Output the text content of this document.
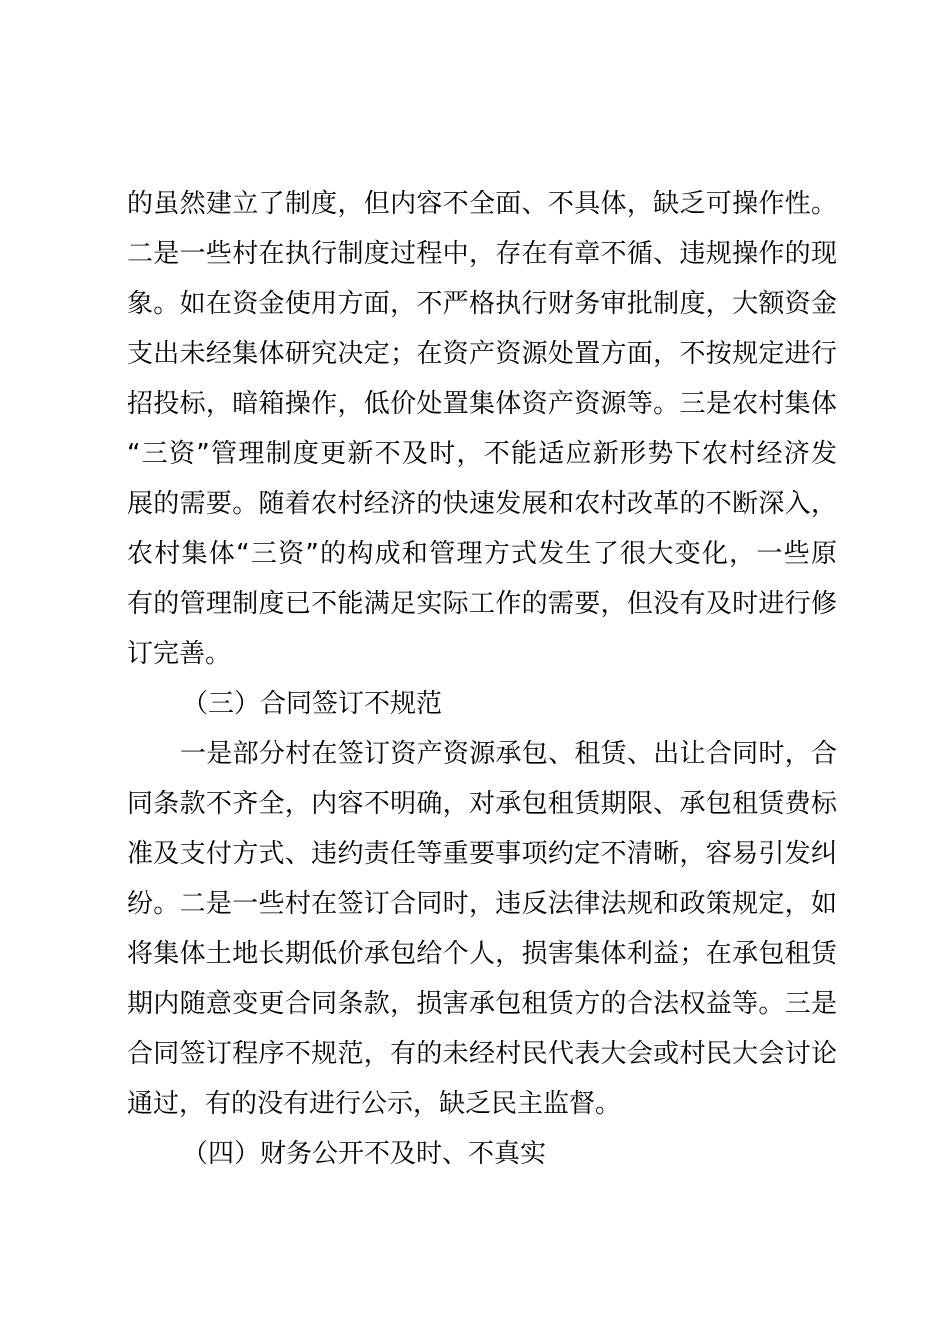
的虽然建立了制度，但内容不全面、不具体，缺乏可操作性。
二是一些村在执行制度过程中，存在有章不循、违规操作的现
象。如在资金使用方面，不严格执行财务审批制度，大额资金
支出未经集体研究决定；在资产资源处置方面，不按规定进行
招投标，暗箱操作，低价处置集体资产资源等。三是农村集体
“三资”管理制度更新不及时，不能适应新形势下农村经济发
展的需要。随着农村经济的快速发展和农村改革的不断深入，
农村集体“三资”的构成和管理方式发生了很大变化，一些原
有的管理制度已不能满足实际工作的需要，但没有及时进行修
订完善。
（三）合同签订不规范
一是部分村在签订资产资源承包、租赁、出让合同时，合
同条款不齐全，内容不明确，对承包租赁期限、承包租赁费标
准及支付方式、违约责任等重要事项约定不清晰，容易引发纠
纷。二是一些村在签订合同时，违反法律法规和政策规定，如
将集体土地长期低价承包给个人，损害集体利益；在承包租赁
期内随意变更合同条款，损害承包租赁方的合法权益等。三是
合同签订程序不规范，有的未经村民代表大会或村民大会讨论
通过，有的没有进行公示，缺乏民主监督。
（四）财务公开不及时、不真实
